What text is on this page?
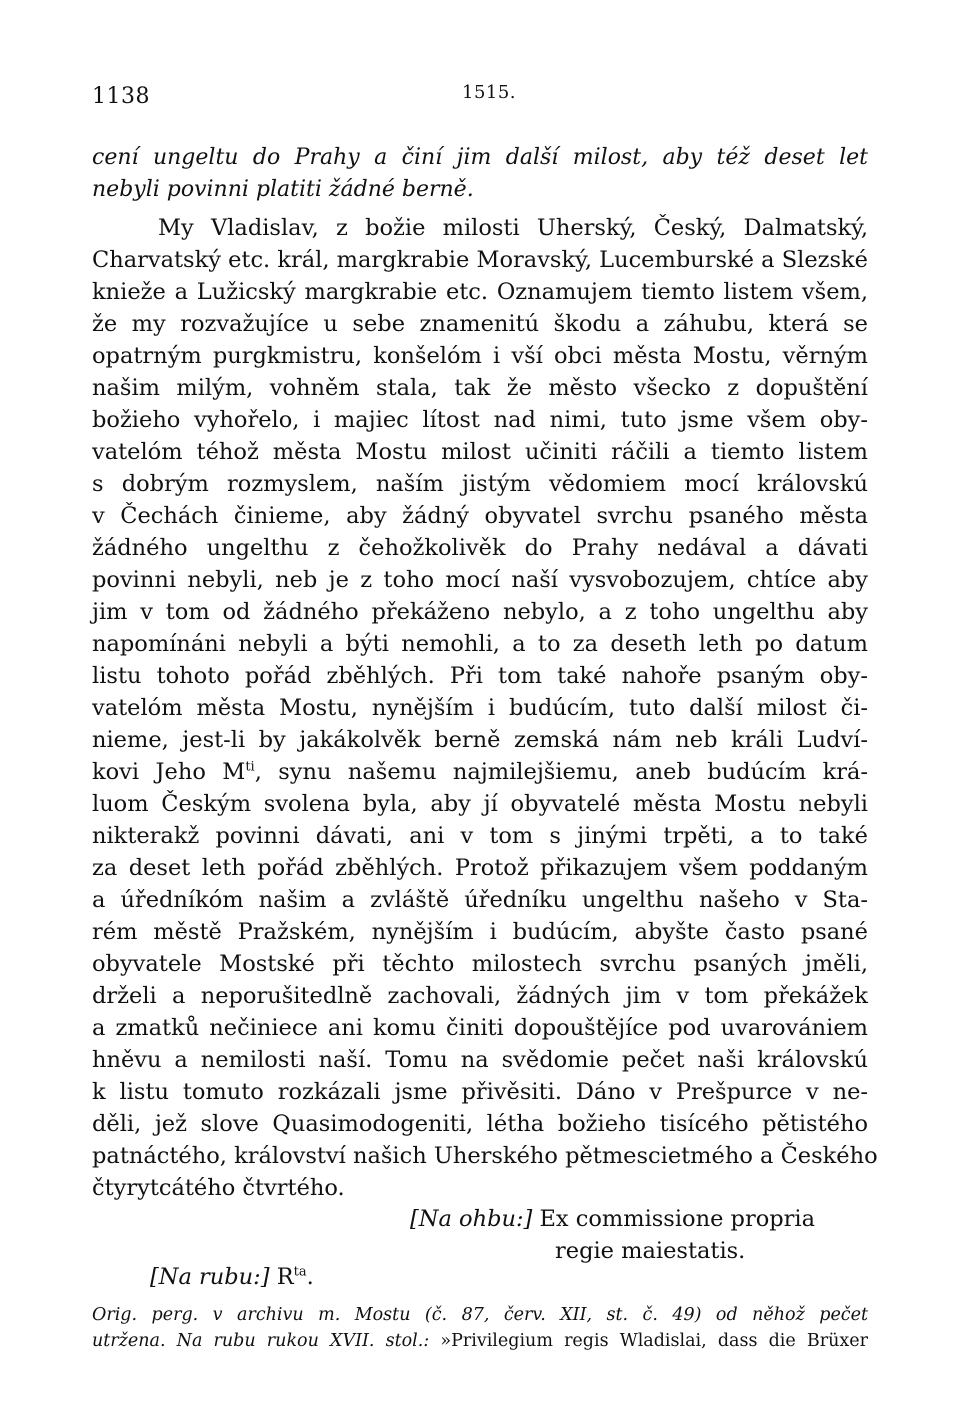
1138	1515.
cení ungeltu do Prahy a činí jim další milost, aby též deset let
nebyli povinni platiti žádné berně.
My Vladislav, z božie milosti Uherský, Český, Dalmatský,
Charvatský etc. král, margkrabie Moravský, Lucemburské a Slezské
knieže a Lužicský margkrabie etc. Oznamujem tiemto listem všem,
že my rozvažujíce u sebe znamenitú škodu a záhubu, která se
opatrným purgkmistru, konšelóm i vší obci města Mostu, věrným
našim milým, vohněm stala, tak že město všecko z dopuštění
božieho vyhořelo, i majiec lítost nad nimi, tuto jsme všem oby-
vatelóm téhož města Mostu milost učiniti ráčili a tiemto listem
s dobrým rozmyslem, naším jistým vědomiem mocí královskú
v Čechách činieme, aby žádný obyvatel svrchu psaného města
žádného ungelthu z čehožkolivěk do Prahy nedával a dávati
povinni nebyli, neb je z toho mocí naší vysvobozujem, chtíce aby
jim v tom od žádného překáženo nebylo, a z toho ungelthu aby
napomínáni nebyli a býti nemohli, a to za deseth leth po datum
listu tohoto pořád zběhlých. Při tom také nahoře psaným oby-
vatelóm města Mostu, nynějším i budúcím, tuto další milost či-
nieme, jest-li by jakákolvěk berně zemská nám neb králi Ludví-
kovi Jeho $M^{ti}$, synu našemu najmilejšiemu, aneb budúcím krá-
luom Českým svolena byla, aby jí obyvatelé města Mostu nebyli
nikterakž povinni dávati, ani v tom s jinými trpěti, a to také
za deset leth pořád zběhlých. Protož přikazujem všem poddaným
a úředníkóm našim a zvláště úředníku ungelthu našeho v Sta-
rém městě Pražském, nynějším i budúcím, abyšte často psané
obyvatele Mostské při těchto milostech svrchu psaných jměli,
drželi a neporušitedlně zachovali, žádných jim v tom překážek
a zmatků nečiniece ani komu činiti dopouštějíce pod uvarovániem
hněvu a nemilosti naší. Tomu na svědomie pečet naši královskú
k listu tomuto rozkázali jsme přivěsiti. Dáno v Prešpurce v ne-
děli, jež slove Quasimodogeniti, létha božieho tisícého pětistého
patnáctého, království našich Uherského pětmescietmého a Českého
čtyrytcátého čtvrtého.
[Na ohbu:] Ex commissione propria
regie maiestatis.
[Na rubu:] $R^{ta}$.
Orig. perg. v archivu m. Mostu (č. 87, červ. XII, st. č. 49) od něhož pečet
utržena. Na rubu rukou XVII. stol.: »Privilegium regis Wladislai, dass die Brüxer
